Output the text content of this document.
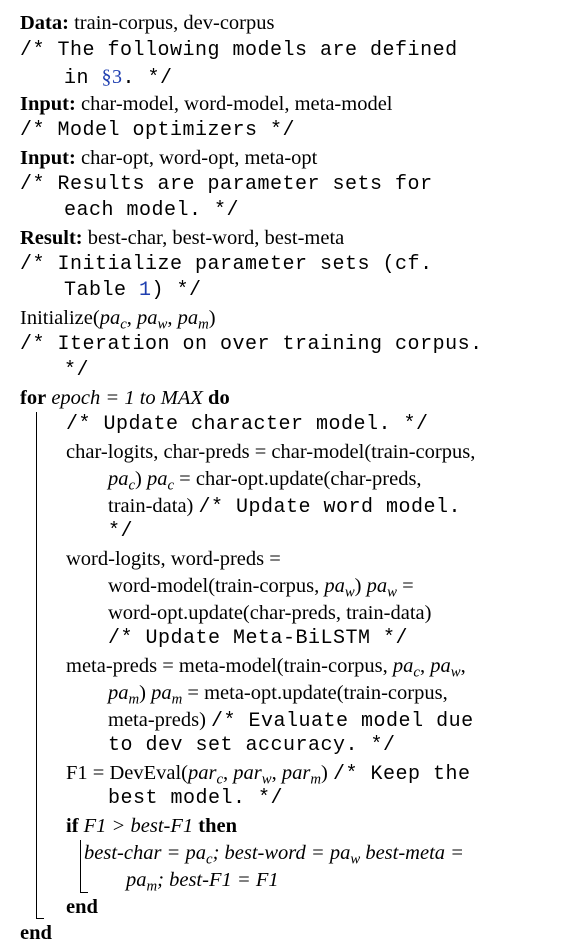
Data: train-corpus, dev-corpus
/* The following models are defined
in §3. */
Input: char-model, word-model, meta-model
/* Model optimizers */
Input: char-opt, word-opt, meta-opt
/* Results are parameter sets for
each model. */
Result: best-char, best-word, best-meta
/* Initialize parameter sets (cf.
Table 1) */
$Initialize(pa_c$, $pa_w$, $pa_m$)
/* Iteration on over training corpus.
*/
for epoch = 1 to MAX do
/* Update character model. */
char-logits, char-preds = char-model(train-corpus,
$pa_c$) $pa_c$ = char-opt.update(char-preds,
train-data) /* Update word model.
*/
word-logits, word-preds =
word-model(train-corpus, $pa_w$) $pa_w$ =
word-opt.update(char-preds, train-data)
/* Update Meta-BiLSTM */
meta-preds = meta-model(train-corpus, $pa_c$, $pa_w$,
$pa_m$) $pa_m$ = meta-opt.update(train-corpus,
meta-preds) /* Evaluate model due
to dev set accuracy. */
F1 = DevEval(par$_c$, par$_w$, par$_m$) /* Keep the
best model. */
if F1 > best-F1 then
best-char = $pa_c$; best-word = $pa_w$ best-meta =
$pa_m$; best-F1 = F1
end
end
